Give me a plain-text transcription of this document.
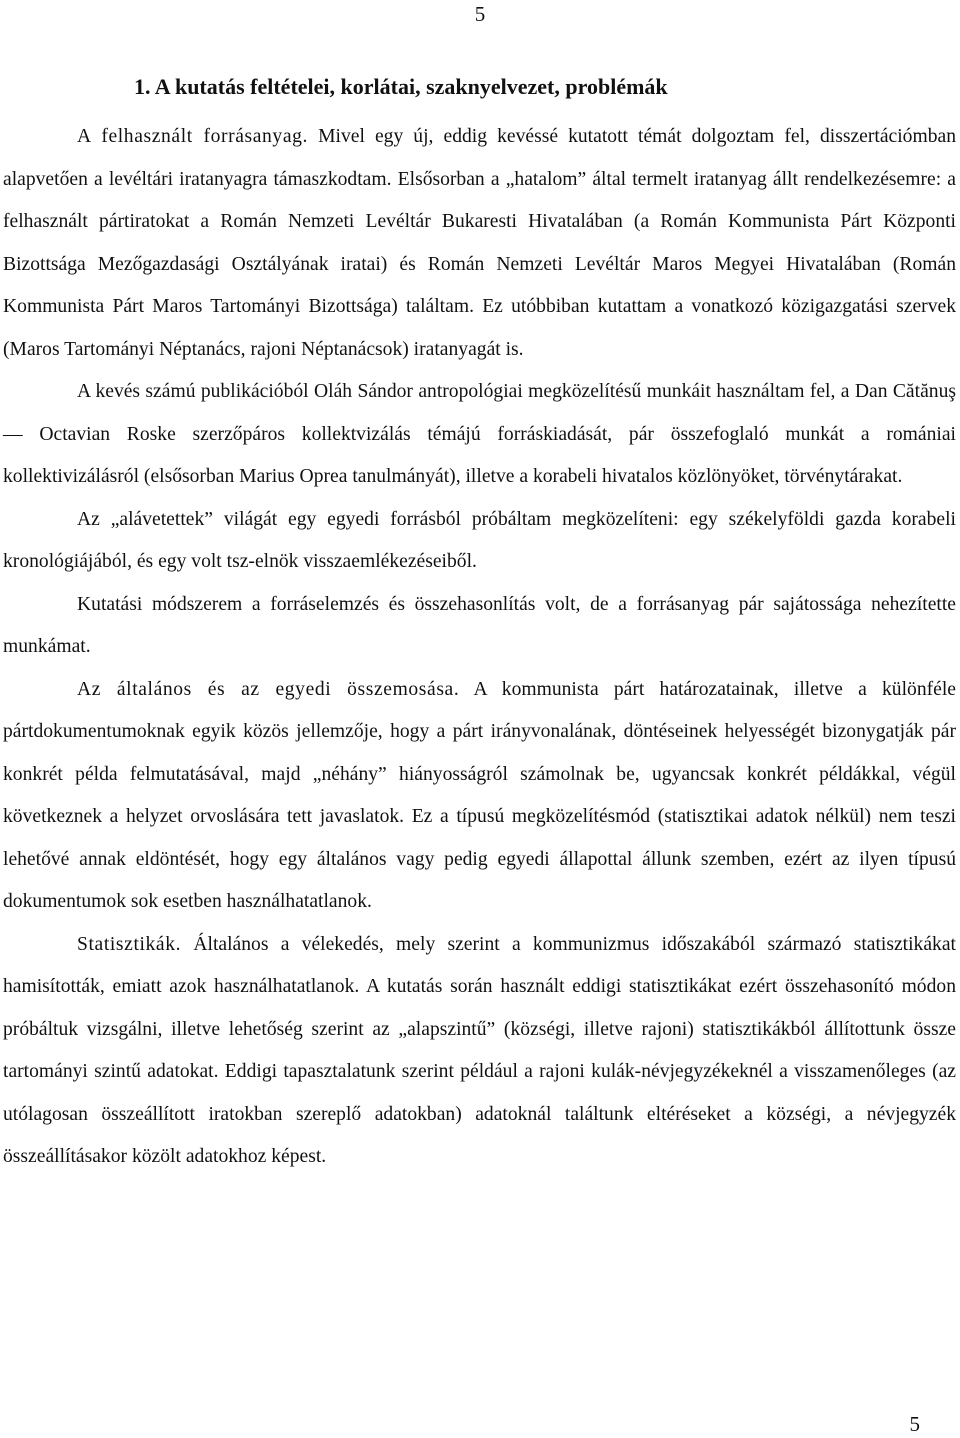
5
1. A kutatás feltételei, korlátai, szaknyelvezet, problémák

A felhasznált forrásanyag. Mivel egy új, eddig kevéssé kutatott témát dolgoztam fel, disszertációmban alapvetően a levéltári iratanyagra támaszkodtam. Elsősorban a „hatalom” által termelt iratanyag állt rendelkezésemre: a felhasznált pártiratokat a Román Nemzeti Levéltár Bukaresti Hivatalában (a Román Kommunista Párt Központi Bizottsága Mezőgazdasági Osztályának iratai) és Román Nemzeti Levéltár Maros Megyei Hivatalában (Román Kommunista Párt Maros Tartományi Bizottsága) találtam. Ez utóbbiban kutattam a vonatkozó közigazgatási szervek (Maros Tartományi Néptanács, rajoni Néptanácsok) iratanyagát is.

A kevés számú publikációból Oláh Sándor antropológiai megközelítésű munkáit használtam fel, a Dan Cătănuş ― Octavian Roske szerzőpáros kollektvizálás témájú forráskiadását, pár összefoglaló munkát a romániai kollektivizálásról (elsősorban Marius Oprea tanulmányát), illetve a korabeli hivatalos közlönyöket, törvénytárakat.

Az „alávetettek” világát egy egyedi forrásból próbáltam megközelíteni: egy székelyföldi gazda korabeli kronológiájából, és egy volt tsz-elnök visszaemlékezéseiből.

Kutatási módszerem a forráselemzés és összehasonlítás volt, de a forrásanyag pár sajátossága nehezítette munkámat.

Az általános és az egyedi összemosása. A kommunista párt határozatainak, illetve a különféle pártdokumentumoknak egyik közös jellemzője, hogy a párt irányvonalának, döntéseinek helyességét bizonygatják pár konkrét példa felmutatásával, majd „néhány” hiányosságról számolnak be, ugyancsak konkrét példákkal, végül következnek a helyzet orvoslására tett javaslatok. Ez a típusú megközelítésmód (statisztikai adatok nélkül) nem teszi lehetővé annak eldöntését, hogy egy általános vagy pedig egyedi állapottal állunk szemben, ezért az ilyen típusú dokumentumok sok esetben használhatatlanok.

Statisztikák. Általános a vélekedés, mely szerint a kommunizmus időszakából származó statisztikákat hamisították, emiatt azok használhatatlanok. A kutatás során használt eddigi statisztikákat ezért összehasonító módon próbáltuk vizsgálni, illetve lehetőség szerint az „alapszintű” (községi, illetve rajoni) statisztikákból állítottunk össze tartományi szintű adatokat. Eddigi tapasztalatunk szerint például a rajoni kulák-névjegyzékeknél a visszamenőleges (az utólagosan összeállított iratokban szereplő adatokban) adatoknál találtunk eltéréseket a községi, a névjegyzék összeállításakor közölt adatokhoz képest.

5
